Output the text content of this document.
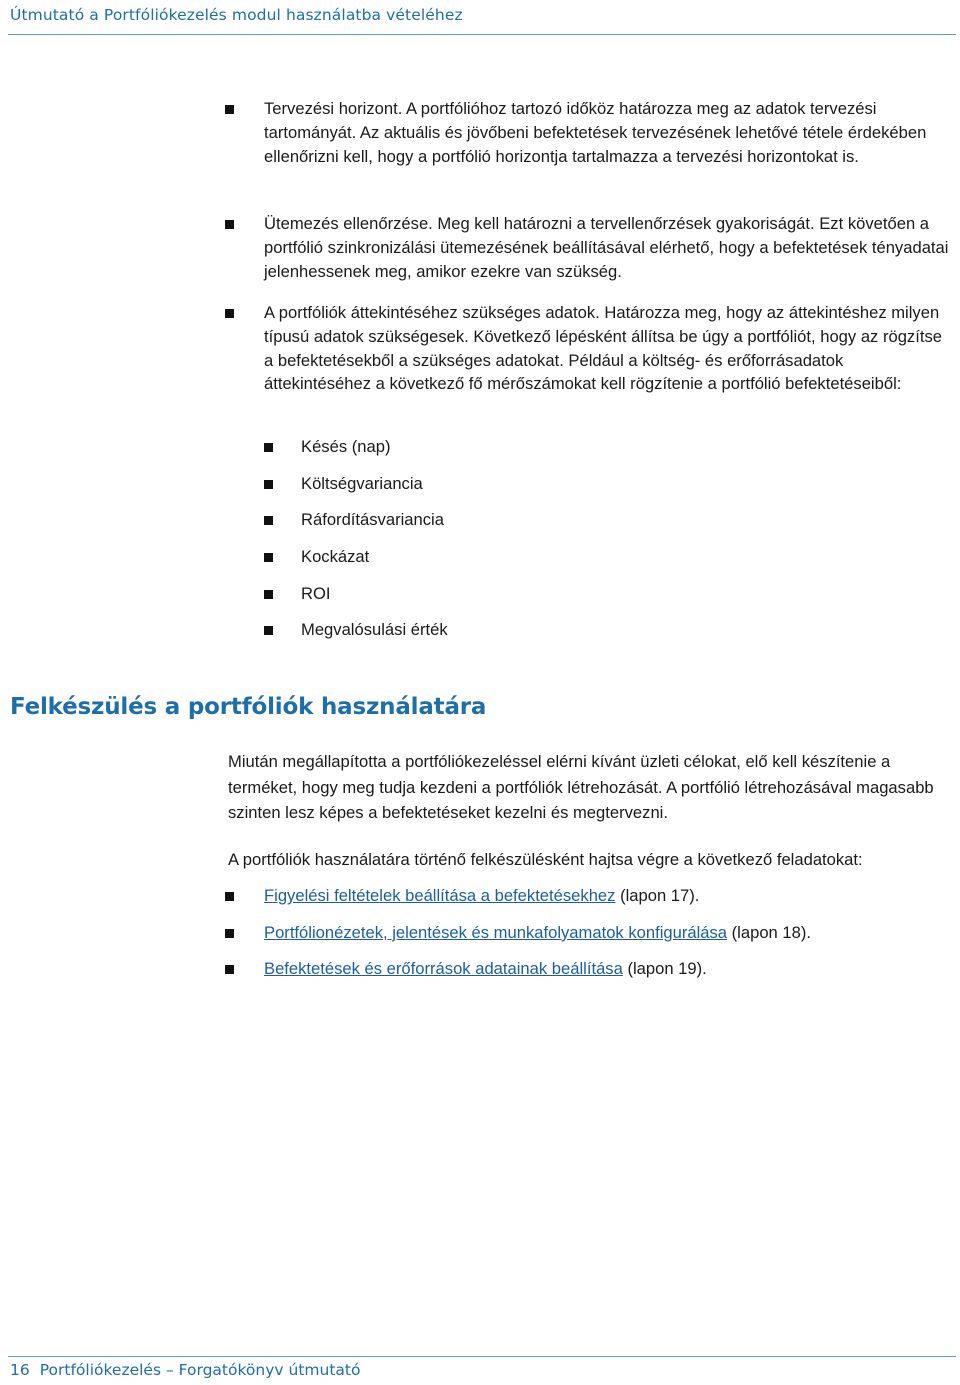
Útmutató a Portfóliókezelés modul használatba vételéhez
Tervezési horizont. A portfólióhoz tartozó időköz határozza meg az adatok tervezési tartományát. Az aktuális és jövőbeni befektetések tervezésének lehetővé tétele érdekében ellenőrizni kell, hogy a portfólió horizontja tartalmazza a tervezési horizontokat is.
Ütemezés ellenőrzése. Meg kell határozni a tervellenőrzések gyakoriságát. Ezt követően a portfólió szinkronizálási ütemezésének beállításával elérhető, hogy a befektetések tényadatai jelenhessenek meg, amikor ezekre van szükség.
A portfóliók áttekintéséhez szükséges adatok. Határozza meg, hogy az áttekintéshez milyen típusú adatok szükségesek. Következő lépésként állítsa be úgy a portfóliót, hogy az rögzítse a befektetésekből a szükséges adatokat. Például a költség- és erőforrásadatok áttekintéséhez a következő fő mérőszámokat kell rögzítenie a portfólió befektetéseiből:
Késés (nap)
Költségvariancia
Ráfordításvariancia
Kockázat
ROI
Megvalósulási érték
Felkészülés a portfóliók használatára
Miután megállapította a portfóliókezeléssel elérni kívánt üzleti célokat, elő kell készítenie a terméket, hogy meg tudja kezdeni a portfóliók létrehozását. A portfólió létrehozásával magasabb szinten lesz képes a befektetéseket kezelni és megtervezni.
A portfóliók használatára történő felkészülésként hajtsa végre a következő feladatokat:
Figyelési feltételek beállítása a befektetésekhez (lapon 17).
Portfólionézetek, jelentések és munkafolyamatok konfigurálása (lapon 18).
Befektetések és erőforrások adatainak beállítása (lapon 19).
16 Portfóliókezelés – Forgatókönyv útmutató
